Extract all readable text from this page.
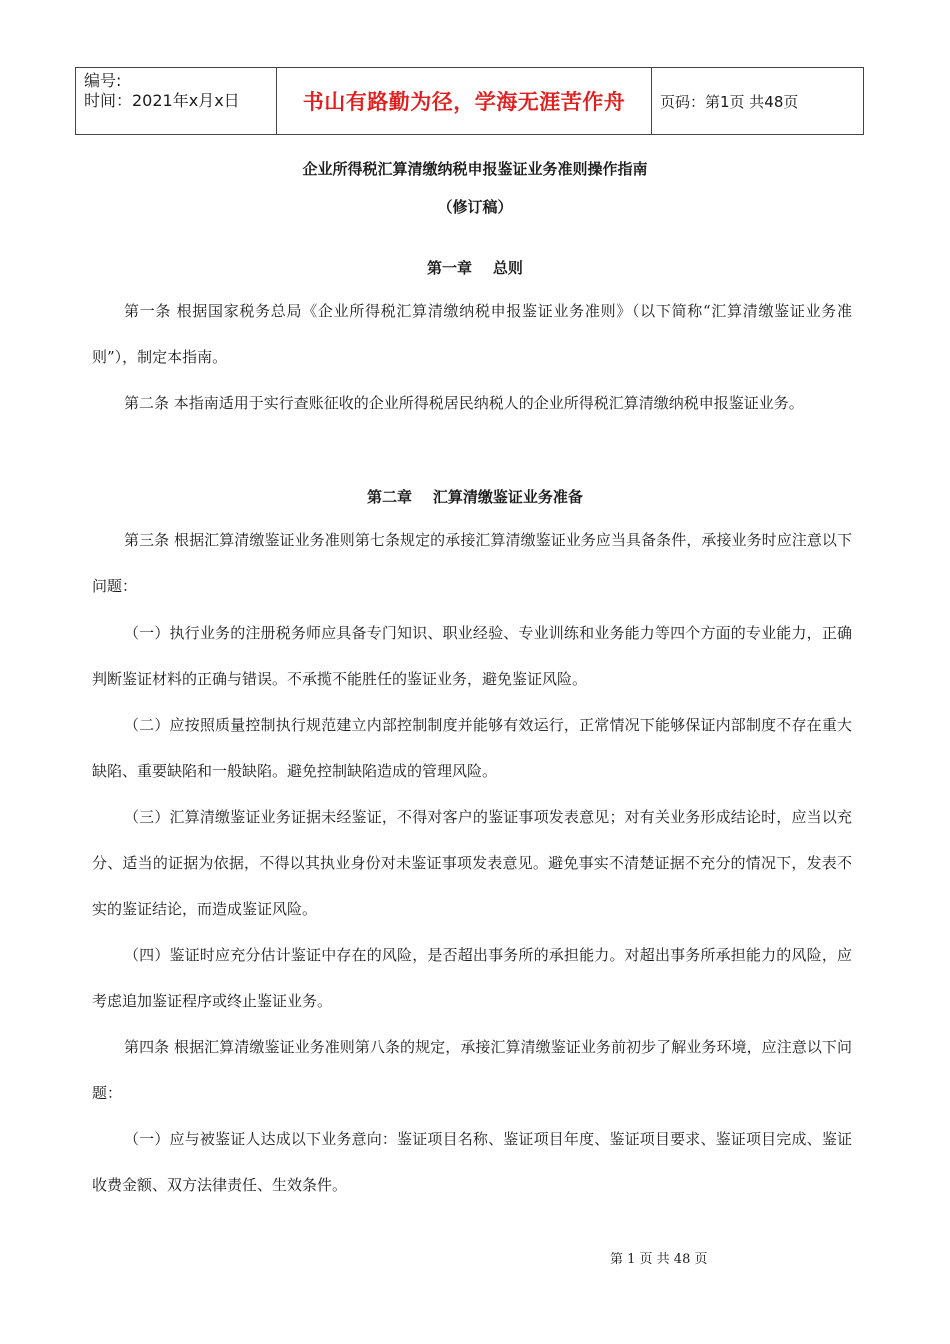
编号:
时间：2021年x月x日	书山有路勤为径，学海无涯苦作舟	页码：第1页 共48页
企业所得税汇算清缴纳税申报鉴证业务准则操作指南
（修订稿）
第一章    总则
第一条 根据国家税务总局《企业所得税汇算清缴纳税申报鉴证业务准则》（以下简称“汇算清缴鉴证业务准则”），制定本指南。
第二条 本指南适用于实行查账征收的企业所得税居民纳税人的企业所得税汇算清缴纳税申报鉴证业务。
第二章    汇算清缴鉴证业务准备
第三条 根据汇算清缴鉴证业务准则第七条规定的承接汇算清缴鉴证业务应当具备条件，承接业务时应注意以下问题：
（一）执行业务的注册税务师应具备专门知识、职业经验、专业训练和业务能力等四个方面的专业能力，正确判断鉴证材料的正确与错误。不承揽不能胜任的鉴证业务，避免鉴证风险。
（二）应按照质量控制执行规范建立内部控制制度并能够有效运行，正常情况下能够保证内部制度不存在重大缺陷、重要缺陷和一般缺陷。避免控制缺陷造成的管理风险。
（三）汇算清缴鉴证业务证据未经鉴证，不得对客户的鉴证事项发表意见；对有关业务形成结论时，应当以充分、适当的证据为依据，不得以其执业身份对未鉴证事项发表意见。避免事实不清楚证据不充分的情况下，发表不实的鉴证结论，而造成鉴证风险。
（四）鉴证时应充分估计鉴证中存在的风险，是否超出事务所的承担能力。对超出事务所承担能力的风险，应考虑追加鉴证程序或终止鉴证业务。
第四条 根据汇算清缴鉴证业务准则第八条的规定，承接汇算清缴鉴证业务前初步了解业务环境，应注意以下问题：
（一）应与被鉴证人达成以下业务意向：鉴证项目名称、鉴证项目年度、鉴证项目要求、鉴证项目完成、鉴证收费金额、双方法律责任、生效条件。
第 1 页 共 48 页
